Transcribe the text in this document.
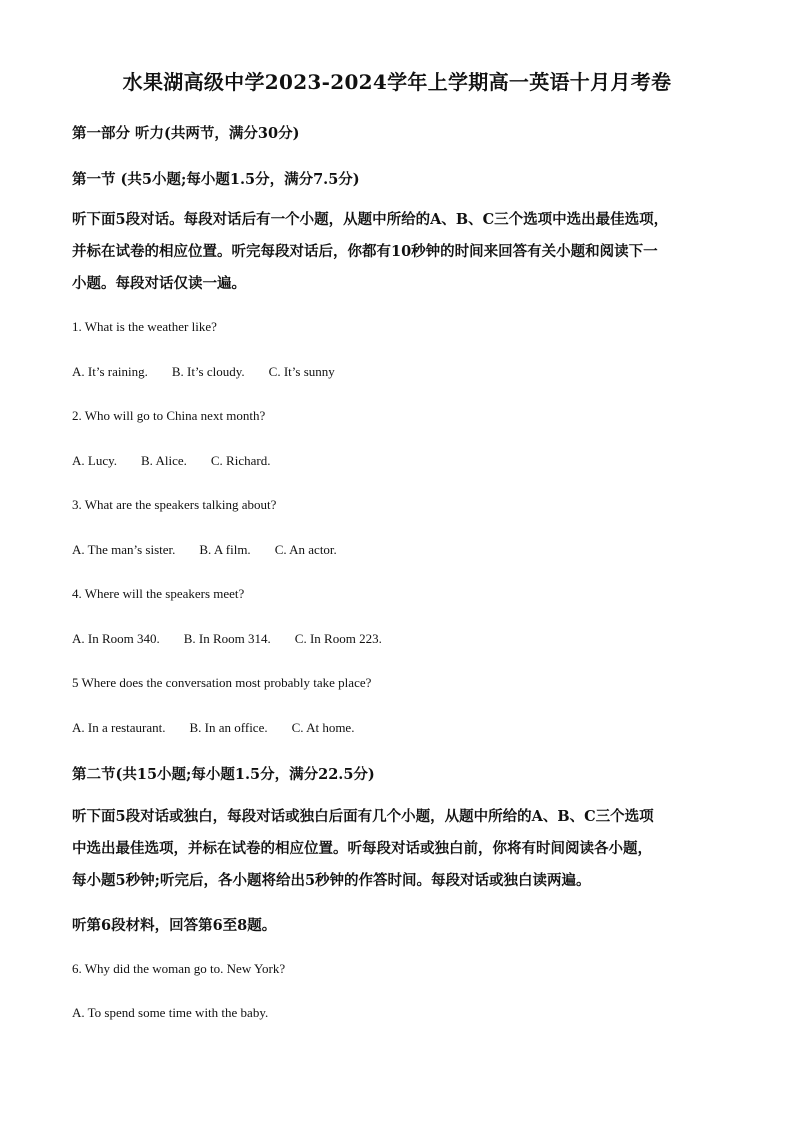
水果湖高级中学2023-2024学年上学期高一英语十月月考卷
第一部分 听力(共两节，满分30分)
第一节 (共5小题;每小题1.5分，满分7.5分)
听下面5段对话。每段对话后有一个小题，从题中所给的A、B、C三个选项中选出最佳选项，
并标在试卷的相应位置。听完每段对话后，你都有10秒钟的时间来回答有关小题和阅读下一
小题。每段对话仅读一遍。
1. What is the weather like?
A. It’s raining. B. It’s cloudy. C. It’s sunny
2. Who will go to China next month?
A. Lucy. B. Alice. C. Richard.
3. What are the speakers talking about?
A. The man’s sister. B. A film. C. An actor.
4. Where will the speakers meet?
A. In Room 340. B. In Room 314. C. In Room 223.
5 Where does the conversation most probably take place?
A. In a restaurant. B. In an office. C. At home.
第二节(共15小题;每小题1.5分，满分22.5分)
听下面5段对话或独白，每段对话或独白后面有几个小题，从题中所给的A、B、C三个选项
中选出最佳选项，并标在试卷的相应位置。听每段对话或独白前，你将有时间阅读各小题，
每小题5秒钟;听完后，各小题将给出5秒钟的作答时间。每段对话或独白读两遍。
听第6段材料，回答第6至8题。
6. Why did the woman go to. New York?
A. To spend some time with the baby.
